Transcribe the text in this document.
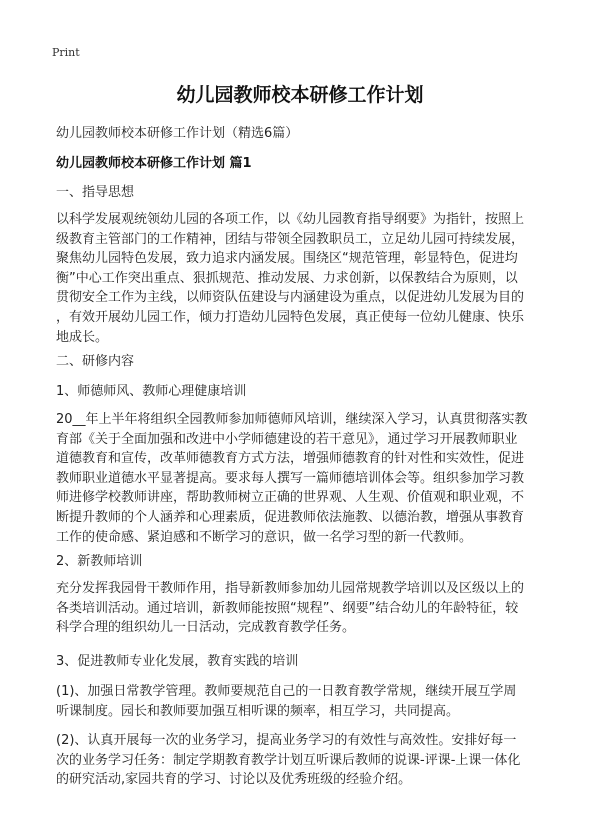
Print
幼儿园教师校本研修工作计划
幼儿园教师校本研修工作计划（精选6篇）
幼儿园教师校本研修工作计划 篇1
一、指导思想
以科学发展观统领幼儿园的各项工作，以《幼儿园教育指导纲要》为指针，按照上
级教育主管部门的工作精神，团结与带领全园教职员工，立足幼儿园可持续发展，
聚焦幼儿园特色发展，致力追求内涵发展。围绕区“规范管理，彰显特色，促进均
衡”中心工作突出重点、狠抓规范、推动发展、力求创新，以保教结合为原则，以
贯彻安全工作为主线，以师资队伍建设与内涵建设为重点，以促进幼儿发展为目的
，有效开展幼儿园工作，倾力打造幼儿园特色发展，真正使每一位幼儿健康、快乐
地成长。
二、研修内容
1、师德师风、教师心理健康培训
20__年上半年将组织全园教师参加师德师风培训，继续深入学习，认真贯彻落实教
育部《关于全面加强和改进中小学师德建设的若干意见》，通过学习开展教师职业
道德教育和宣传，改革师德教育方式方法，增强师德教育的针对性和实效性，促进
教师职业道德水平显著提高。要求每人撰写一篇师德培训体会等。组织参加学习教
师进修学校教师讲座，帮助教师树立正确的世界观、人生观、价值观和职业观，不
断提升教师的个人涵养和心理素质，促进教师依法施教、以德治教，增强从事教育
工作的使命感、紧迫感和不断学习的意识，做一名学习型的新一代教师。
2、新教师培训
充分发挥我园骨干教师作用，指导新教师参加幼儿园常规教学培训以及区级以上的
各类培训活动。通过培训，新教师能按照“规程”、纲要”结合幼儿的年龄特征，较
科学合理的组织幼儿一日活动，完成教育教学任务。
3、促进教师专业化发展，教育实践的培训
(1)、加强日常教学管理。教师要规范自己的一日教育教学常规，继续开展互学周
听课制度。园长和教师要加强互相听课的频率，相互学习，共同提高。
(2)、认真开展每一次的业务学习，提高业务学习的有效性与高效性。安排好每一
次的业务学习任务：制定学期教育教学计划互听课后教师的说课-评课-上课一体化
的研究活动,家园共育的学习、讨论以及优秀班级的经验介绍。
